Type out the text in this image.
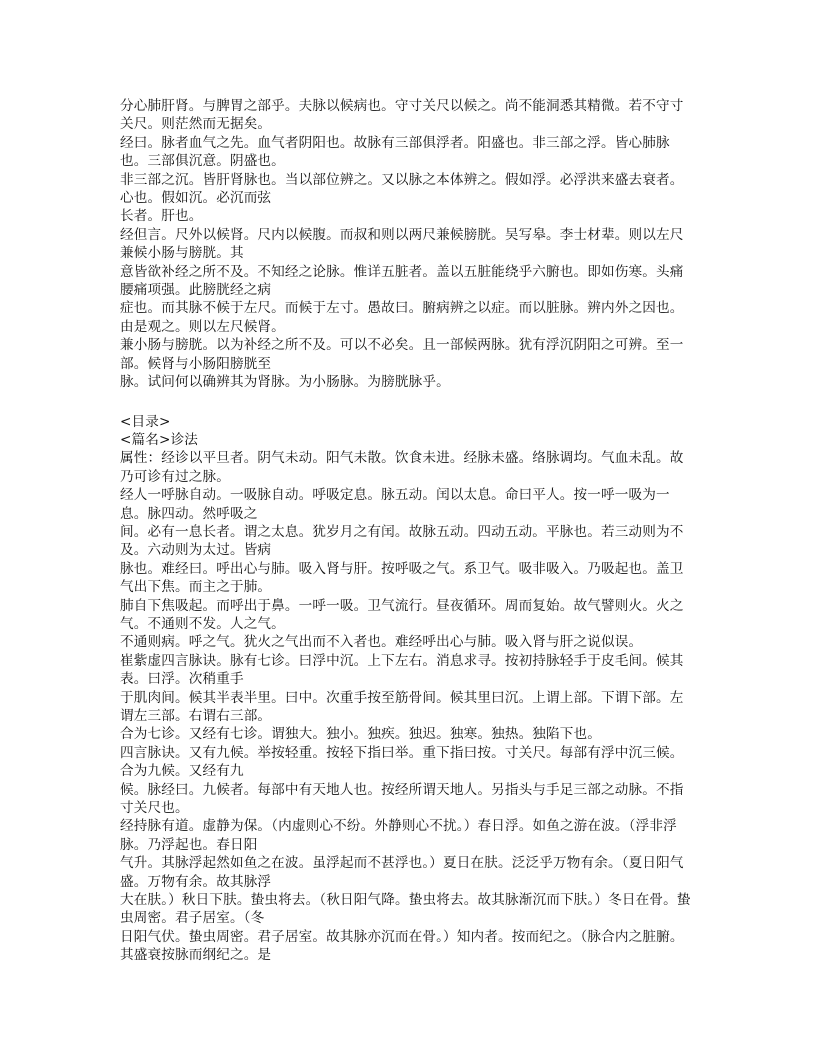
分心肺肝肾。与脾胃之部乎。夫脉以候病也。守寸关尺以候之。尚不能洞悉其精微。若不守寸关尺。则茫然而无据矣。

经曰。脉者血气之先。血气者阴阳也。故脉有三部俱浮者。阳盛也。非三部之浮。皆心肺脉也。三部俱沉意。阴盛也。

非三部之沉。皆肝肾脉也。当以部位辨之。又以脉之本体辨之。假如浮。必浮洪来盛去衰者。心也。假如沉。必沉而弦

长者。肝也。

经但言。尺外以候肾。尺内以候腹。而叔和则以两尺兼候膀胱。吴写皋。李士材辈。则以左尺兼候小肠与膀胱。其

意皆欲补经之所不及。不知经之论脉。惟详五脏者。盖以五脏能绕乎六腑也。即如伤寒。头痛腰痛项强。此膀胱经之病

症也。而其脉不候于左尺。而候于左寸。愚故曰。腑病辨之以症。而以脏脉。辨内外之因也。由是观之。则以左尺候肾。

兼小肠与膀胱。以为补经之所不及。可以不必矣。且一部候两脉。犹有浮沉阴阳之可辨。至一部。候肾与小肠阳膀胱至

脉。试问何以确辨其为肾脉。为小肠脉。为膀胱脉乎。

<目录>

<篇名>诊法

属性：经诊以平旦者。阴气未动。阳气未散。饮食未进。经脉未盛。络脉调均。气血未乱。故乃可诊有过之脉。

经人一呼脉自动。一吸脉自动。呼吸定息。脉五动。闰以太息。命曰平人。按一呼一吸为一息。脉四动。然呼吸之

间。必有一息长者。谓之太息。犹岁月之有闰。故脉五动。四动五动。平脉也。若三动则为不及。六动则为太过。皆病

脉也。难经曰。呼出心与肺。吸入肾与肝。按呼吸之气。系卫气。吸非吸入。乃吸起也。盖卫气出下焦。而主之于肺。

肺自下焦吸起。而呼出于鼻。一呼一吸。卫气流行。昼夜循环。周而复始。故气譬则火。火之气。不通则不发。人之气。

不通则病。呼之气。犹火之气出而不入者也。难经呼出心与肺。吸入肾与肝之说似误。

崔紫虚四言脉诀。脉有七诊。曰浮中沉。上下左右。消息求寻。按初持脉轻手于皮毛间。候其表。曰浮。次稍重手

于肌肉间。候其半表半里。曰中。次重手按至筋骨间。候其里曰沉。上谓上部。下谓下部。左谓左三部。右谓右三部。

合为七诊。又经有七诊。谓独大。独小。独疾。独迟。独寒。独热。独陷下也。

四言脉诀。又有九候。举按轻重。按轻下指曰举。重下指曰按。寸关尺。每部有浮中沉三候。合为九候。又经有九

候。脉经曰。九候者。每部中有天地人也。按经所谓天地人。另指头与手足三部之动脉。不指寸关尺也。

经持脉有道。虚静为保。（内虚则心不纷。外静则心不扰。）春日浮。如鱼之游在波。（浮非浮脉。乃浮起也。春日阳

气升。其脉浮起然如鱼之在波。虽浮起而不甚浮也。）夏日在肤。泛泛乎万物有余。（夏日阳气盛。万物有余。故其脉浮

大在肤。）秋日下肤。蛰虫将去。（秋日阳气降。蛰虫将去。故其脉渐沉而下肤。）冬日在骨。蛰虫周密。君子居室。（冬

日阳气伏。蛰虫周密。君子居室。故其脉亦沉而在骨。）知内者。按而纪之。（脉合内之脏腑。其盛衰按脉而纲纪之。是
